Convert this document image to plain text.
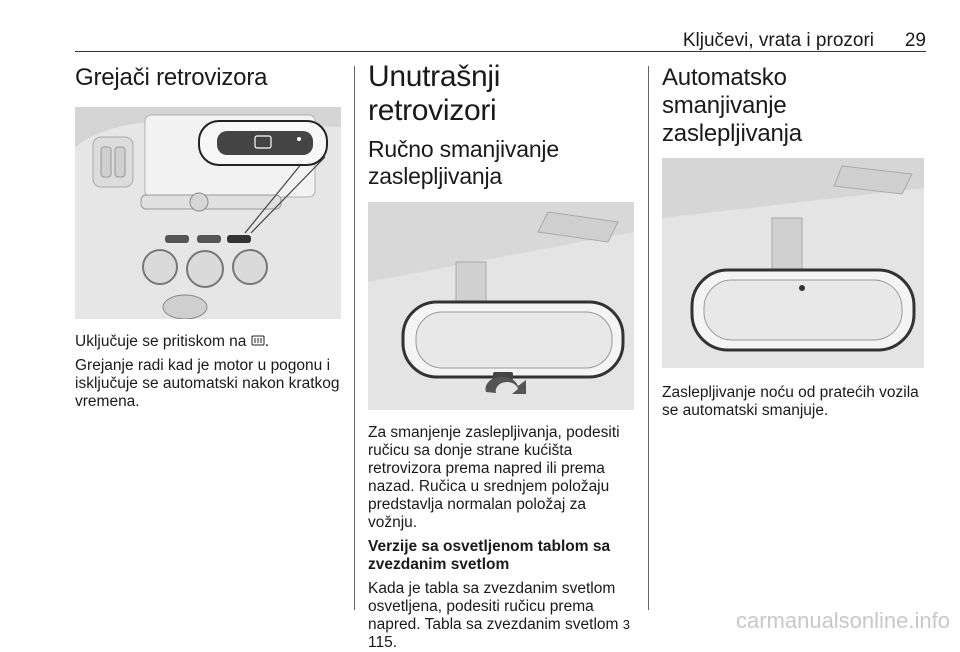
Ključevi, vrata i prozori 29
Grejači retrovizora

Uključuje se pritiskom na .

Grejanje radi kad je motor u pogonu i isključuje se automatski nakon kratkog vremena.

Unutrašnji retrovizori
Ručno smanjivanje zaslepljivanja

Za smanjenje zaslepljivanja, podesiti ručicu sa donje strane kućišta retrovizora prema napred ili prema nazad. Ručica u srednjem položaju predstavlja normalan položaj za vožnju.

Verzije sa osvetljenom tablom sa zvezdanim svetlom

Kada je tabla sa zvezdanim svetlom osvetljena, podesiti ručicu prema napred. Tabla sa zvezdanim svetlom 3 115.

Automatsko smanjivanje zaslepljivanja

Zaslepljivanje noću od pratećih vozila se automatski smanjuje.

carmanualsonline.info
